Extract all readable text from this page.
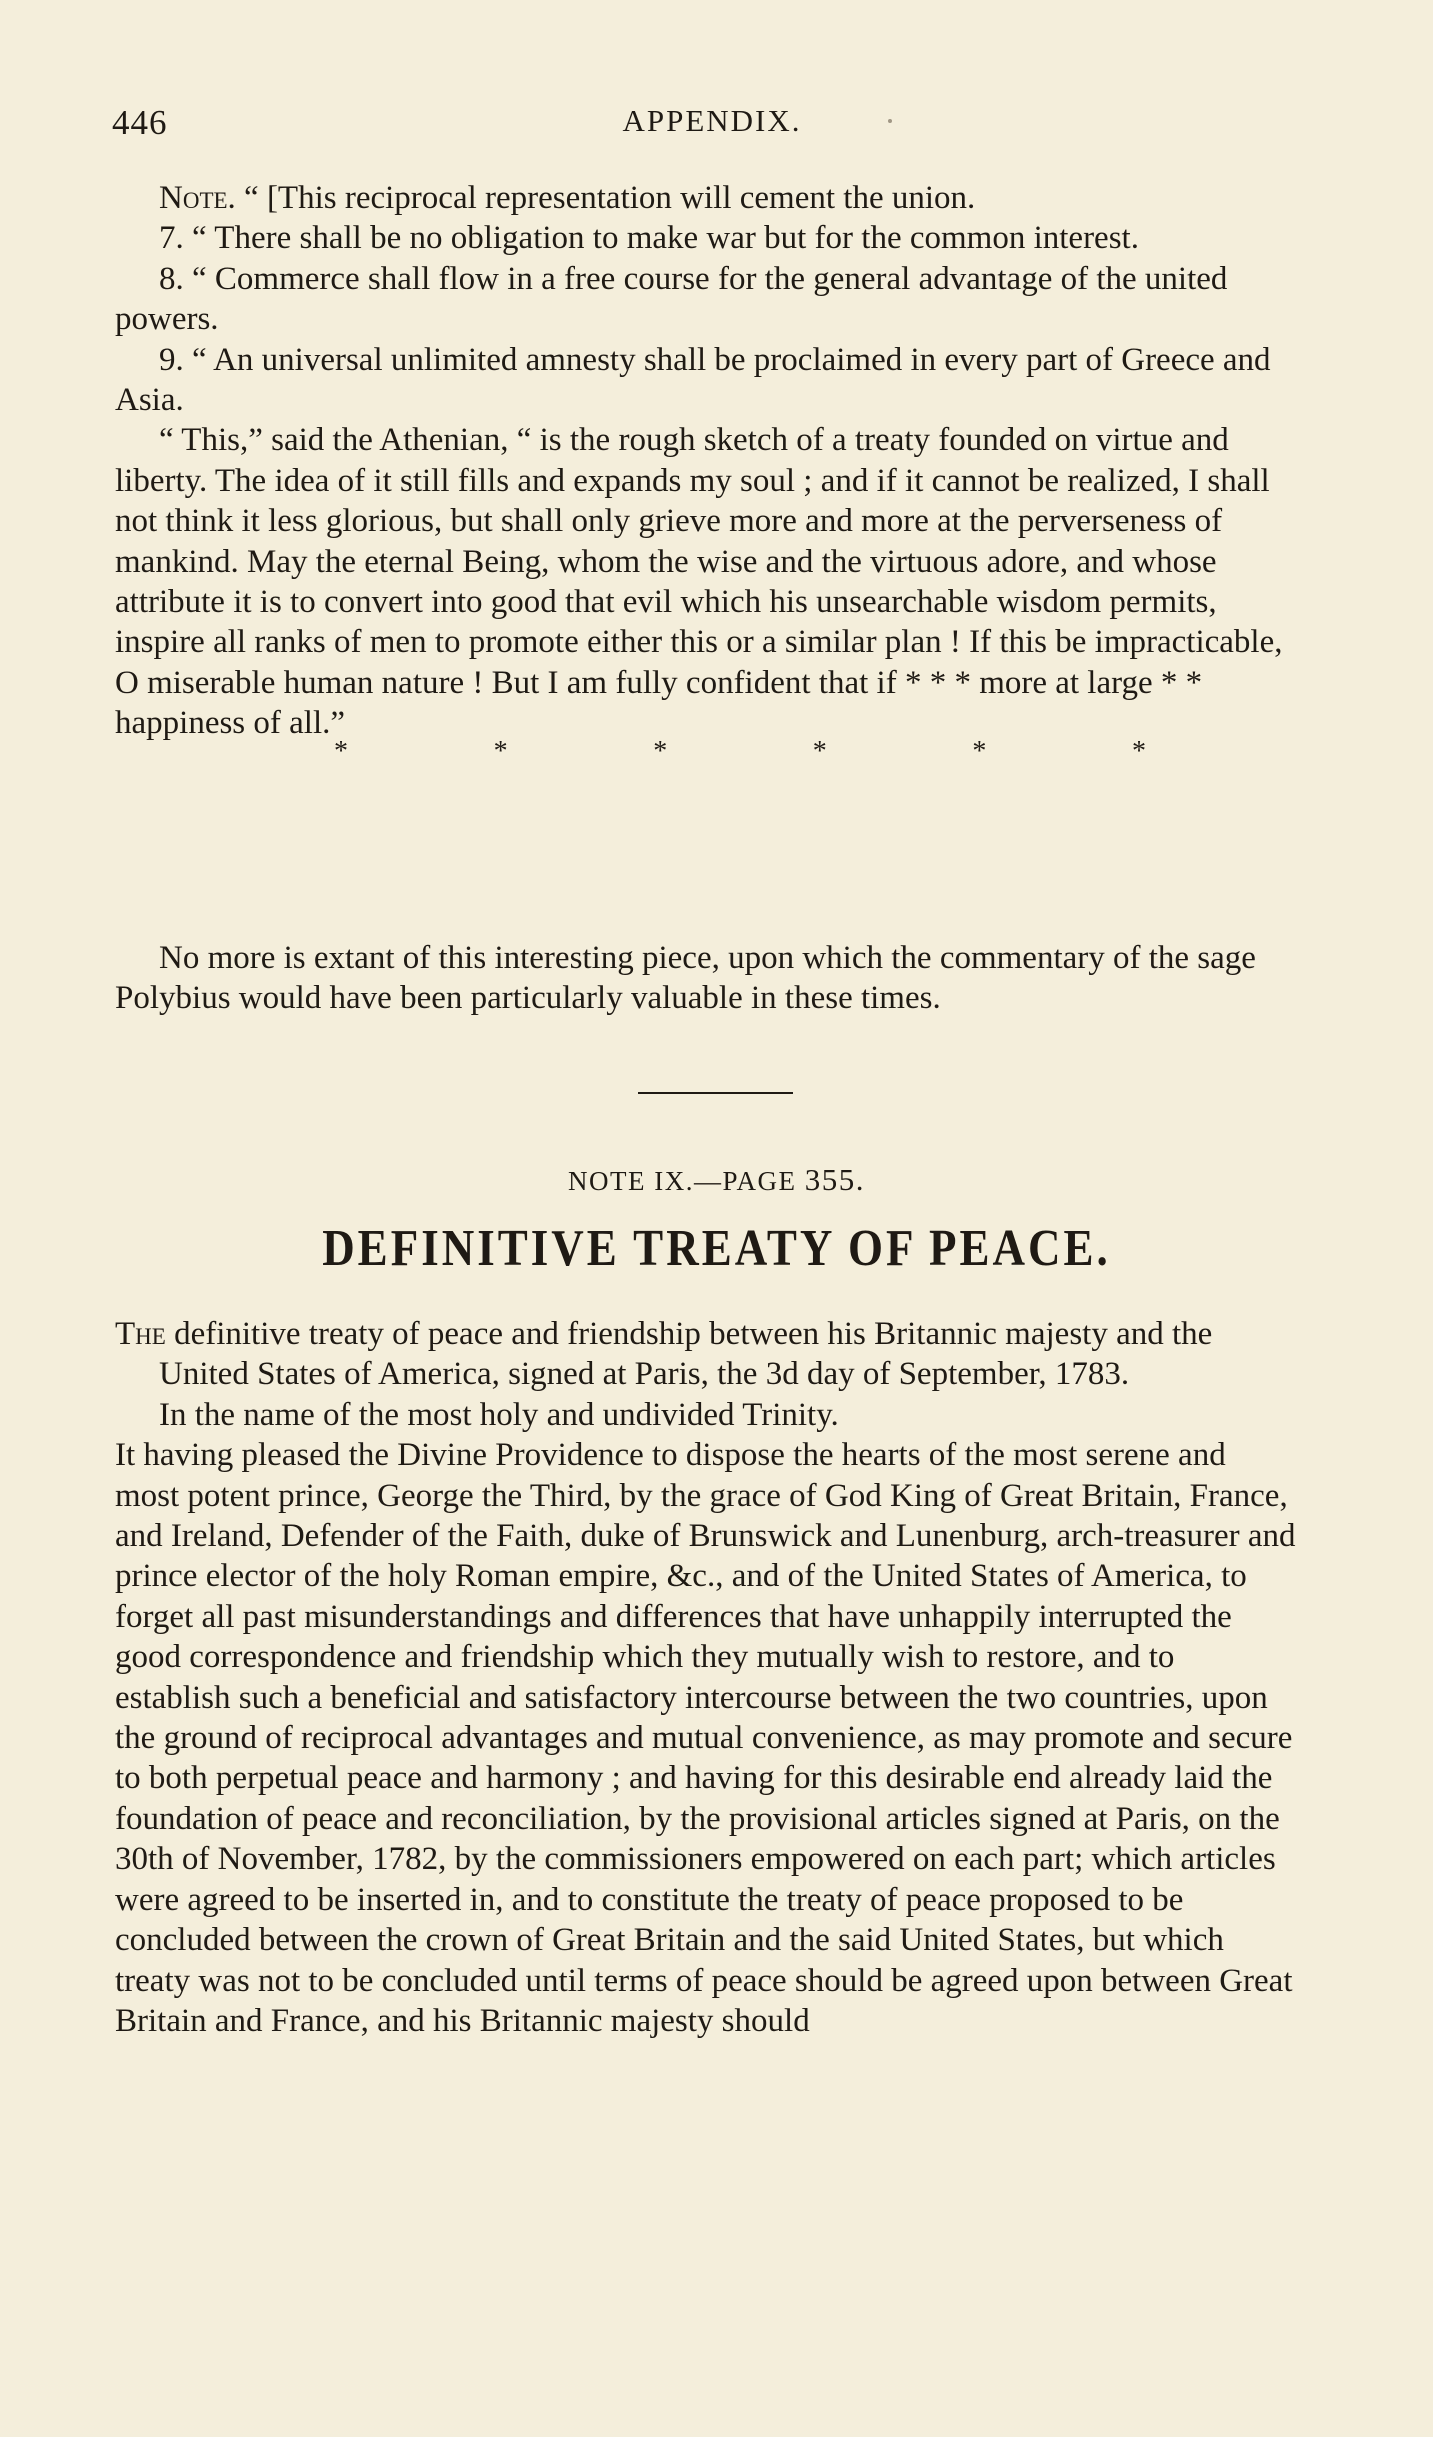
446	APPENDIX.

Note. “ [This reciprocal representation will cement the union.

7. “ There shall be no obligation to make war but for the common interest.

8. “ Commerce shall flow in a free course for the general advantage of the united powers.

9. “ An universal unlimited amnesty shall be proclaimed in every part of Greece and Asia.

“ This,” said the Athenian, “ is the rough sketch of a treaty founded on virtue and liberty. The idea of it still fills and expands my soul ; and if it cannot be realized, I shall not think it less glorious, but shall only grieve more and more at the perverseness of mankind. May the eternal Being, whom the wise and the virtuous adore, and whose attribute it is to convert into good that evil which his unsearchable wisdom permits, inspire all ranks of men to promote either this or a similar plan ! If this be impracticable, O miserable human nature ! But I am fully confident that if * * * more at large * * happiness of all.”

*	*	*	*	*	*

No more is extant of this interesting piece, upon which the commentary of the sage Polybius would have been particularly valuable in these times.

NOTE IX.—PAGE 355.
DEFINITIVE TREATY OF PEACE.

The definitive treaty of peace and friendship between his Britannic majesty and the United States of America, signed at Paris, the 3d day of September, 1783.

In the name of the most holy and undivided Trinity.

It having pleased the Divine Providence to dispose the hearts of the most serene and most potent prince, George the Third, by the grace of God King of Great Britain, France, and Ireland, Defender of the Faith, duke of Brunswick and Lunenburg, arch-treasurer and prince elector of the holy Roman empire, &c., and of the United States of America, to forget all past misunderstandings and differences that have unhappily interrupted the good correspondence and friendship which they mutually wish to restore, and to establish such a beneficial and satisfactory intercourse between the two countries, upon the ground of reciprocal advantages and mutual convenience, as may promote and secure to both perpetual peace and harmony ; and having for this desirable end already laid the foundation of peace and reconciliation, by the provisional articles signed at Paris, on the 30th of November, 1782, by the commissioners empowered on each part; which articles were agreed to be inserted in, and to constitute the treaty of peace proposed to be concluded between the crown of Great Britain and the said United States, but which treaty was not to be concluded until terms of peace should be agreed upon between Great Britain and France, and his Britannic majesty should
